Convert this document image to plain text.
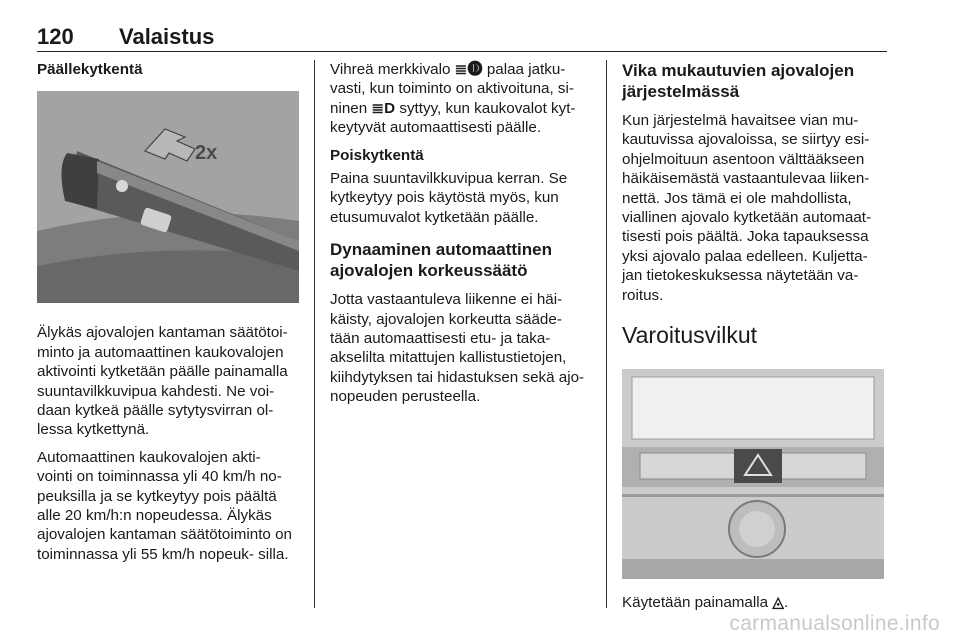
120 Valaistus
Päällekytkentä
2x

Älykäs ajovalojen kantaman säätötoi- minto ja automaattinen kaukovalojen aktivointi kytketään päälle painamalla suuntavilkkuvipua kahdesti. Ne voi- daan kytkeä päälle sytytysvirran ol- lessa kytkettynä.

Automaattinen kaukovalojen akti- vointi on toiminnassa yli 40 km/h no- peuksilla ja se kytkeytyy pois päältä alle 20 km/h:n nopeudessa. Älykäs ajovalojen kantaman säätötoiminto on toiminnassa yli 55 km/h nopeuk- silla.

Vihreä merkkivalo ≣🅓 palaa jatku- vasti, kun toiminto on aktivoituna, si- ninen ≣D syttyy, kun kaukovalot kyt- keytyvät automaattisesti päälle.

Poiskytkentä

Paina suuntavilkkuvipua kerran. Se kytkeytyy pois käytöstä myös, kun etusumuvalot kytketään päälle.

Dynaaminen automaattinen ajovalojen korkeussäätö

Jotta vastaantuleva liikenne ei häi- käisty, ajovalojen korkeutta sääde- tään automaattisesti etu- ja taka- akselilta mitattujen kallistustietojen, kiihdytyksen tai hidastuksen sekä ajo- nopeuden perusteella.

Vika mukautuvien ajovalojen järjestelmässä

Kun järjestelmä havaitsee vian mu- kautuvissa ajovaloissa, se siirtyy esi- ohjelmoituun asentoon välttääkseen häikäisemästä vastaantulevaa liiken- nettä. Jos tämä ei ole mahdollista, viallinen ajovalo kytketään automaat- tisesti pois päältä. Joka tapauksessa yksi ajovalo palaa edelleen. Kuljetta- jan tietokeskuksessa näytetään va- roitus.

Varoitusvilkut

Käytetään painamalla ◬.

carmanualsonline.info
